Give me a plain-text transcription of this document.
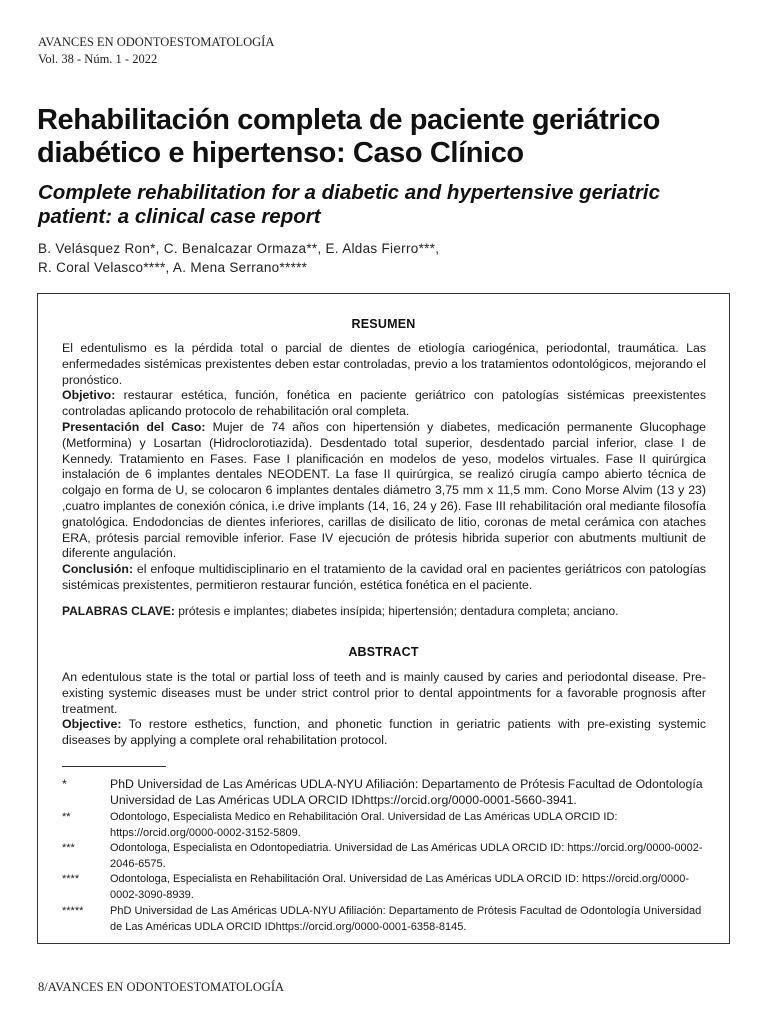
AVANCES EN ODONTOESTOMATOLOGÍA
Vol. 38 - Núm. 1 - 2022
Rehabilitación completa de paciente geriátrico diabético e hipertenso: Caso Clínico
Complete rehabilitation for a diabetic and hypertensive geriatric patient: a clinical case report
B. Velásquez Ron*, C. Benalcazar Ormaza**, E. Aldas Fierro***,
R. Coral Velasco****, A. Mena Serrano*****
RESUMEN

El edentulismo es la pérdida total o parcial de dientes de etiología cariogénica, periodontal, traumática. Las enfermedades sistémicas prexistentes deben estar controladas, previo a los tratamientos odontológicos, mejorando el pronóstico.

Objetivo: restaurar estética, función, fonética en paciente geriátrico con patologías sistémicas preexistentes controladas aplicando protocolo de rehabilitación oral completa.

Presentación del Caso: Mujer de 74 años con hipertensión y diabetes, medicación permanente Glucophage (Metformina) y Losartan (Hidroclorotiazida). Desdentado total superior, desdentado parcial inferior, clase I de Kennedy. Tratamiento en Fases. Fase I planificación en modelos de yeso, modelos virtuales. Fase II quirúrgica instalación de 6 implantes dentales NEODENT. La fase II quirúrgica, se realizó cirugía campo abierto técnica de colgajo en forma de U, se colocaron 6 implantes dentales diámetro 3,75 mm x 11,5 mm. Cono Morse Alvim (13 y 23) ,cuatro implantes de conexión cónica, i.e drive implants (14, 16, 24 y 26). Fase III rehabilitación oral mediante filosofía gnatológica. Endodoncias de dientes inferiores, carillas de disilicato de litio, coronas de metal cerámica con ataches ERA, prótesis parcial removible inferior. Fase IV ejecución de prótesis hibrida superior con abutments multiunit de diferente angulación.

Conclusión: el enfoque multidisciplinario en el tratamiento de la cavidad oral en pacientes geriátricos con patologías sistémicas prexistentes, permitieron restaurar función, estética fonética en el paciente.

PALABRAS CLAVE: prótesis e implantes; diabetes insípida; hipertensión; dentadura completa; anciano.

ABSTRACT

An edentulous state is the total or partial loss of teeth and is mainly caused by caries and periodontal disease. Pre-existing systemic diseases must be under strict control prior to dental appointments for a favorable prognosis after treatment.

Objective: To restore esthetics, function, and phonetic function in geriatric patients with pre-existing systemic diseases by applying a complete oral rehabilitation protocol.

*	PhD Universidad de Las Américas UDLA-NYU Afiliación: Departamento de Prótesis Facultad de Odontología Universidad de Las Américas UDLA ORCID IDhttps://orcid.org/0000-0001-5660-3941.
**	Odontologo, Especialista Medico en Rehabilitación Oral. Universidad de Las Américas UDLA ORCID ID: https://orcid.org/0000-0002-3152-5809.
***	Odontologa, Especialista en Odontopediatria. Universidad de Las Américas UDLA ORCID ID: https://orcid.org/0000-0002-2046-6575.
****	Odontologa, Especialista en Rehabilitación Oral. Universidad de Las Américas UDLA ORCID ID: https://orcid.org/0000-0002-3090-8939.
***** PhD Universidad de Las Américas UDLA-NYU Afiliación: Departamento de Prótesis Facultad de Odontología Universidad de Las Américas UDLA ORCID IDhttps://orcid.org/0000-0001-6358-8145.
8/AVANCES EN ODONTOESTOMATOLOGÍA
